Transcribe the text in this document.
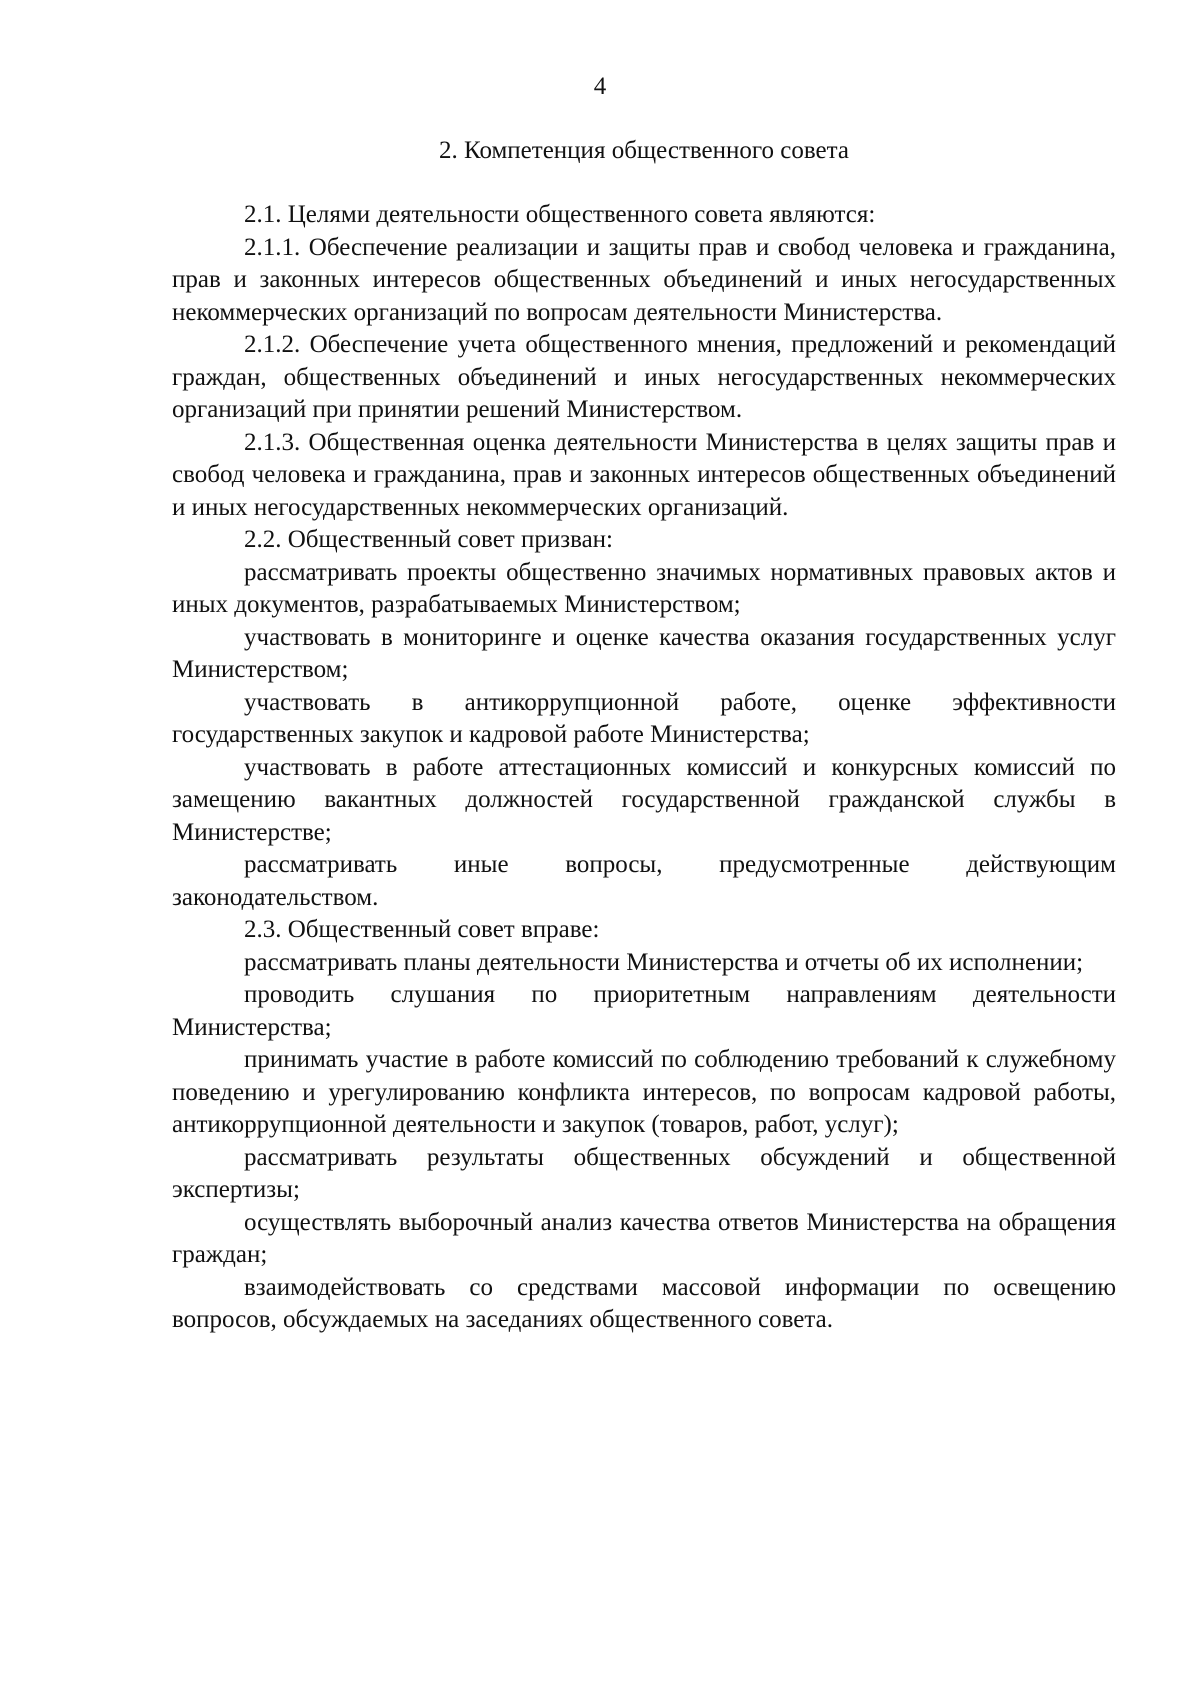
4
2. Компетенция общественного совета

2.1. Целями деятельности общественного совета являются:

2.1.1. Обеспечение реализации и защиты прав и свобод человека и гражданина, прав и законных интересов общественных объединений и иных негосударственных некоммерческих организаций по вопросам деятельности Министерства.

2.1.2. Обеспечение учета общественного мнения, предложений и рекомендаций граждан, общественных объединений и иных негосударственных некоммерческих организаций при принятии решений Министерством.

2.1.3. Общественная оценка деятельности Министерства в целях защиты прав и свобод человека и гражданина, прав и законных интересов общественных объединений и иных негосударственных некоммерческих организаций.

2.2. Общественный совет призван:

рассматривать проекты общественно значимых нормативных правовых актов и иных документов, разрабатываемых Министерством;

участвовать в мониторинге и оценке качества оказания государственных услуг Министерством;

участвовать в антикоррупционной работе, оценке эффективности государственных закупок и кадровой работе Министерства;

участвовать в работе аттестационных комиссий и конкурсных комиссий по замещению вакантных должностей государственной гражданской службы в Министерстве;

рассматривать иные вопросы, предусмотренные действующим законодательством.

2.3. Общественный совет вправе:

рассматривать планы деятельности Министерства и отчеты об их исполнении;

проводить слушания по приоритетным направлениям деятельности Министерства;

принимать участие в работе комиссий по соблюдению требований к служебному поведению и урегулированию конфликта интересов, по вопросам кадровой работы, антикоррупционной деятельности и закупок (товаров, работ, услуг);

рассматривать результаты общественных обсуждений и общественной экспертизы;

осуществлять выборочный анализ качества ответов Министерства на обращения граждан;

взаимодействовать со средствами массовой информации по освещению вопросов, обсуждаемых на заседаниях общественного совета.
